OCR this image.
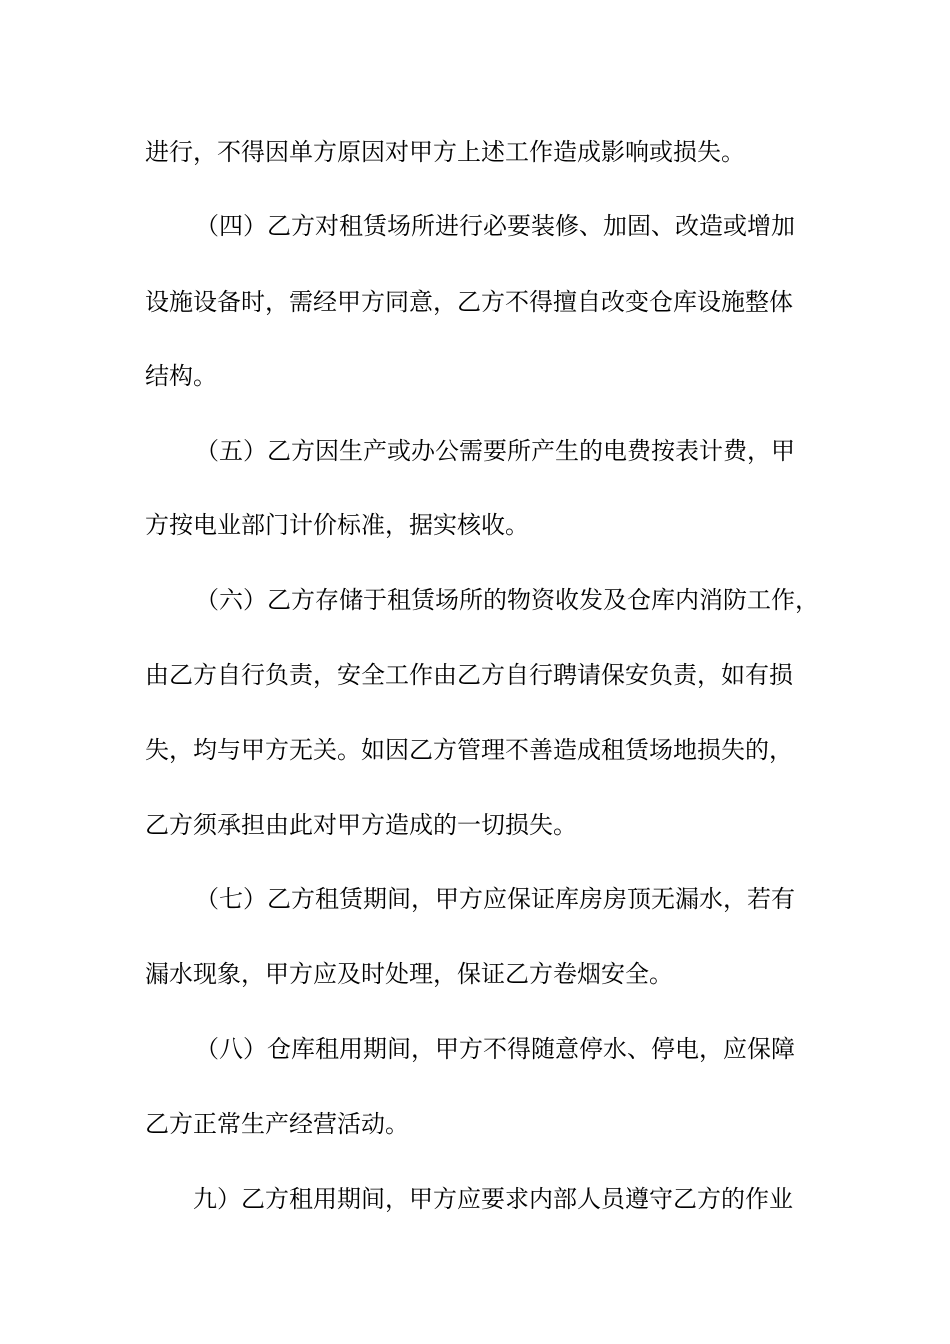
进行，不得因单方原因对甲方上述工作造成影响或损失。
（四）乙方对租赁场所进行必要装修、加固、改造或增加
设施设备时，需经甲方同意，乙方不得擅自改变仓库设施整体
结构。
（五）乙方因生产或办公需要所产生的电费按表计费，甲
方按电业部门计价标准，据实核收。
（六）乙方存储于租赁场所的物资收发及仓库内消防工作，
由乙方自行负责，安全工作由乙方自行聘请保安负责，如有损
失，均与甲方无关。如因乙方管理不善造成租赁场地损失的，
乙方须承担由此对甲方造成的一切损失。
（七）乙方租赁期间，甲方应保证库房房顶无漏水，若有
漏水现象，甲方应及时处理，保证乙方卷烟安全。
（八）仓库租用期间，甲方不得随意停水、停电，应保障
乙方正常生产经营活动。
九）乙方租用期间，甲方应要求内部人员遵守乙方的作业
